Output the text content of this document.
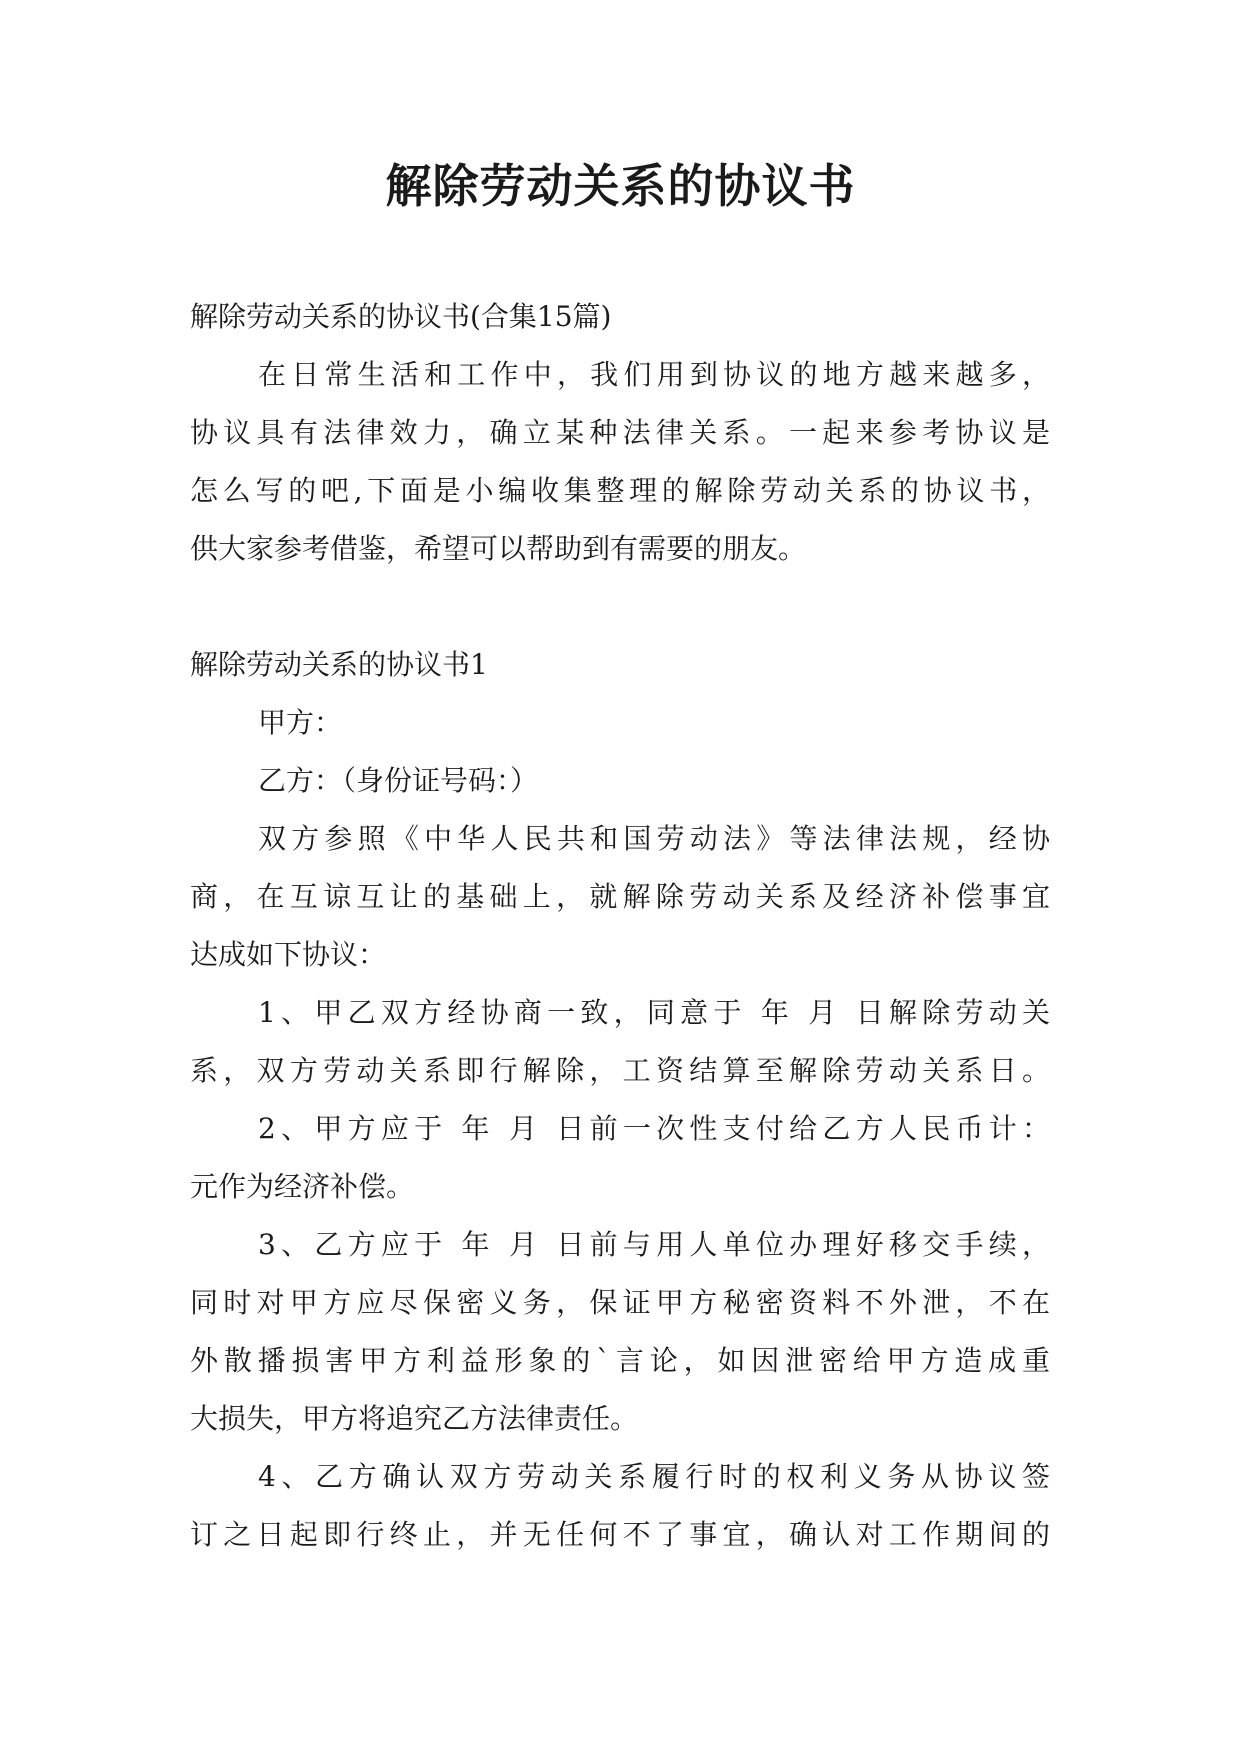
解除劳动关系的协议书
解除劳动关系的协议书(合集15篇)
在日常生活和工作中，我们用到协议的地方越来越多，
协议具有法律效力，确立某种法律关系。一起来参考协议是
怎么写的吧,下面是小编收集整理的解除劳动关系的协议书，
供大家参考借鉴，希望可以帮助到有需要的朋友。
解除劳动关系的协议书1
甲方：
乙方：（身份证号码：）
双方参照《中华人民共和国劳动法》等法律法规，经协
商，在互谅互让的基础上，就解除劳动关系及经济补偿事宜
达成如下协议：
1、甲乙双方经协商一致，同意于 年 月 日解除劳动关
系，双方劳动关系即行解除，工资结算至解除劳动关系日。
2、甲方应于 年 月 日前一次性支付给乙方人民币计：
元作为经济补偿。
3、乙方应于 年 月 日前与用人单位办理好移交手续，
同时对甲方应尽保密义务，保证甲方秘密资料不外泄，不在
外散播损害甲方利益形象的`言论，如因泄密给甲方造成重
大损失，甲方将追究乙方法律责任。
4、乙方确认双方劳动关系履行时的权利义务从协议签
订之日起即行终止，并无任何不了事宜，确认对工作期间的
